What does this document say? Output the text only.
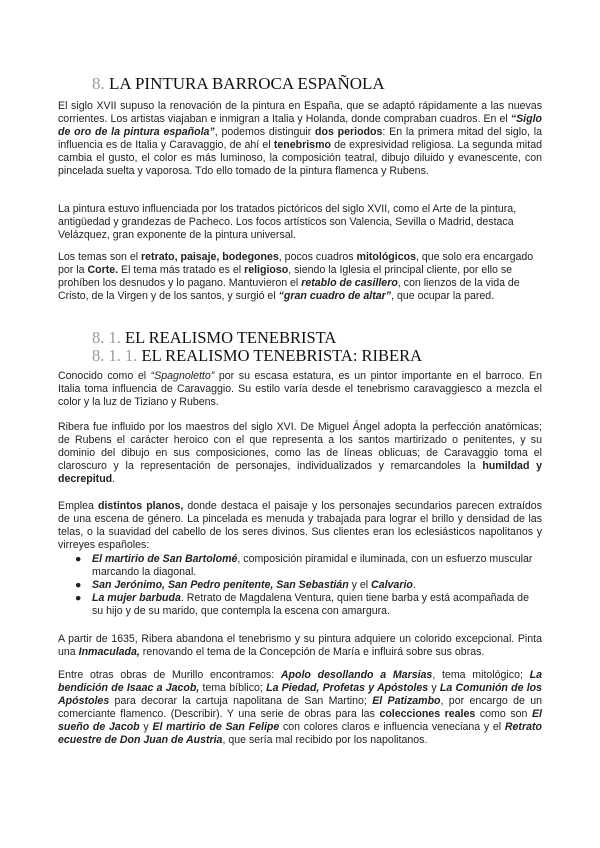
8. LA PINTURA BARROCA ESPAÑOLA

El siglo XVII supuso la renovación de la pintura en España, que se adaptó rápidamente a las nuevas corrientes. Los artistas viajaban e inmigran a Italia y Holanda, donde compraban cuadros. En el “Siglo de oro de la pintura española”, podemos distinguir dos periodos: En la primera mitad del siglo, la influencia es de Italia y Caravaggio, de ahí el tenebrismo de expresividad religiosa. La segunda mitad cambia el gusto, el color es más luminoso, la composición teatral, dibujo diluido y evanescente, con pincelada suelta y vaporosa. Tdo ello tomado de la pintura flamenca y Rubens.

La pintura estuvo influenciada por los tratados pictóricos del siglo XVII, como el Arte de la pintura, antigüedad y grandezas de Pacheco. Los focos artísticos son Valencia, Sevilla o Madrid, destaca Velázquez, gran exponente de la pintura universal.

Los temas son el retrato, paisaje, bodegones, pocos cuadros mitológicos, que solo era encargado por la Corte. El tema más tratado es el religioso, siendo la Iglesia el principal cliente, por ello se prohíben los desnudos y lo pagano. Mantuvieron el retablo de casillero, con lienzos de la vida de Cristo, de la Virgen y de los santos, y surgió el “gran cuadro de altar”, que ocupar la pared.

8. 1. EL REALISMO TENEBRISTA
8. 1. 1. EL REALISMO TENEBRISTA: RIBERA

Conocido como el “Spagnoletto” por su escasa estatura, es un pintor importante en el barroco. En Italia toma influencia de Caravaggio. Su estilo varía desde el tenebrismo caravaggiesco a mezcla el color y la luz de Tiziano y Rubens.

Ribera fue influido por los maestros del siglo XVI. De Miguel Ángel adopta la perfección anatómicas; de Rubens el carácter heroico con el que representa a los santos martirizado o penitentes, y su dominio del dibujo en sus composiciones, como las de líneas oblicuas; de Caravaggio toma el claroscuro y la representación de personajes, individualizados y remarcandoles la humildad y decrepitud.

Emplea distintos planos, donde destaca el paisaje y los personajes secundarios parecen extraídos de una escena de género. La pincelada es menuda y trabajada para lograr el brillo y densidad de las telas, o la suavidad del cabello de los seres divinos. Sus clientes eran los eclesiásticos napolitanos y virreyes españoles:

● El martirio de San Bartolomé, composición piramidal e iluminada, con un esfuerzo muscular marcando la diagonal.
● San Jerónimo, San Pedro penitente, San Sebastián y el Calvario.
● La mujer barbuda. Retrato de Magdalena Ventura, quien tiene barba y está acompañada de su hijo y de su marido, que contempla la escena con amargura.

A partir de 1635, Ribera abandona el tenebrismo y su pintura adquiere un colorido excepcional. Pinta una Inmaculada, renovando el tema de la Concepción de María e influirá sobre sus obras.

Entre otras obras de Murillo encontramos: Apolo desollando a Marsias, tema mitológico; La bendición de Isaac a Jacob, tema bíblico; La Piedad, Profetas y Apóstoles y La Comunión de los Apóstoles para decorar la cartuja napolitana de San Martino; El Patizambo, por encargo de un comerciante flamenco. (Describir). Y una serie de obras para las colecciones reales como son El sueño de Jacob y El martirio de San Felipe con colores claros e influencia veneciana y el Retrato ecuestre de Don Juan de Austria, que sería mal recibido por los napolitanos.
